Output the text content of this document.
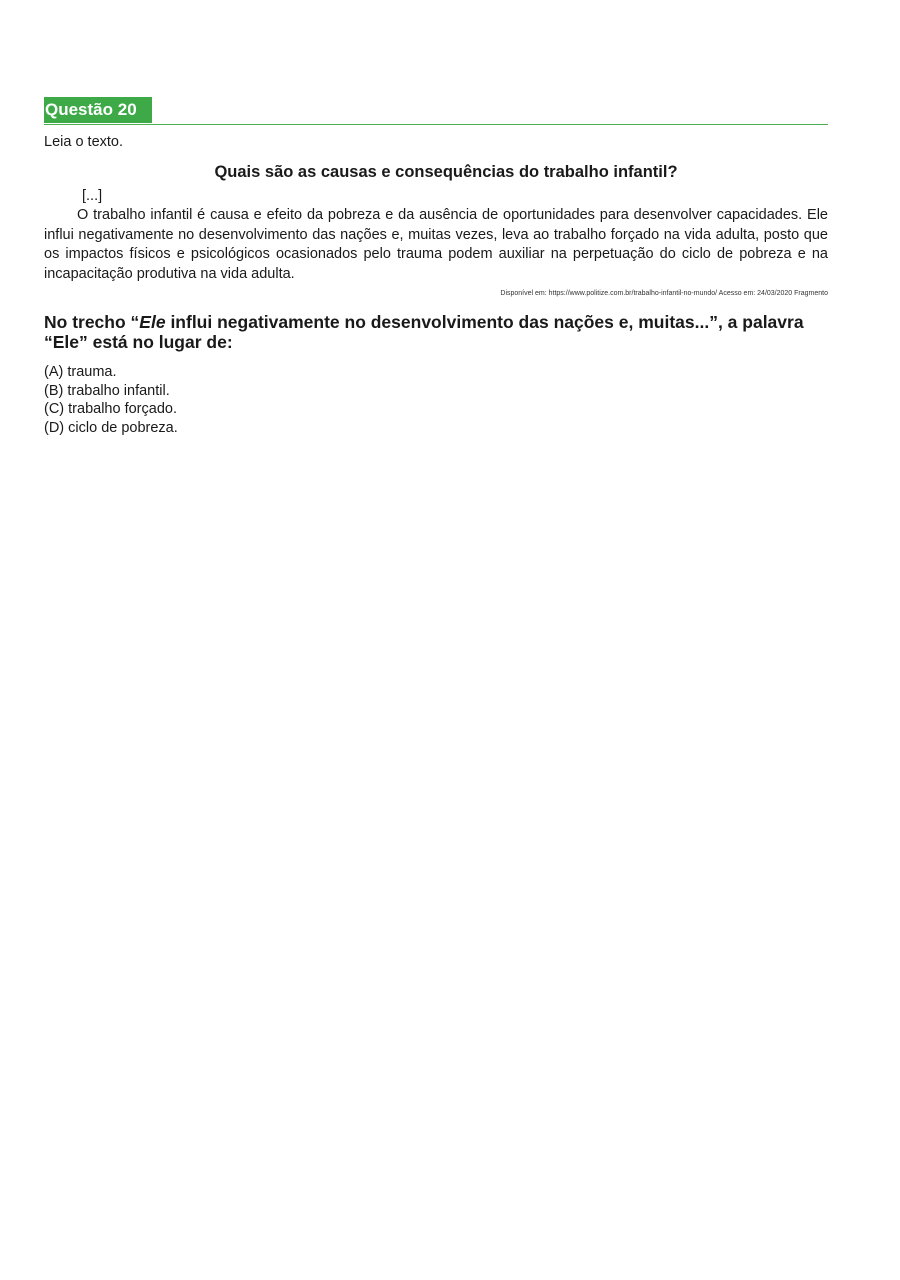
Questão 20
Leia o texto.
Quais são as causas e consequências do trabalho infantil?
[...]

O trabalho infantil é causa e efeito da pobreza e da ausência de oportunidades para desenvolver capacidades. Ele influi negativamente no desenvolvimento das nações e, muitas vezes, leva ao trabalho forçado na vida adulta, posto que os impactos físicos e psicológicos ocasionados pelo trauma podem auxiliar na perpetuação do ciclo de pobreza e na incapacitação produtiva na vida adulta.

Disponível em: https://www.politize.com.br/trabalho-infantil-no-mundo/ Acesso em: 24/03/2020 Fragmento
No trecho “Ele influi negativamente no desenvolvimento das nações e, muitas...”, a palavra “Ele” está no lugar de:
(A) trauma.
(B) trabalho infantil.
(C) trabalho forçado.
(D) ciclo de pobreza.
